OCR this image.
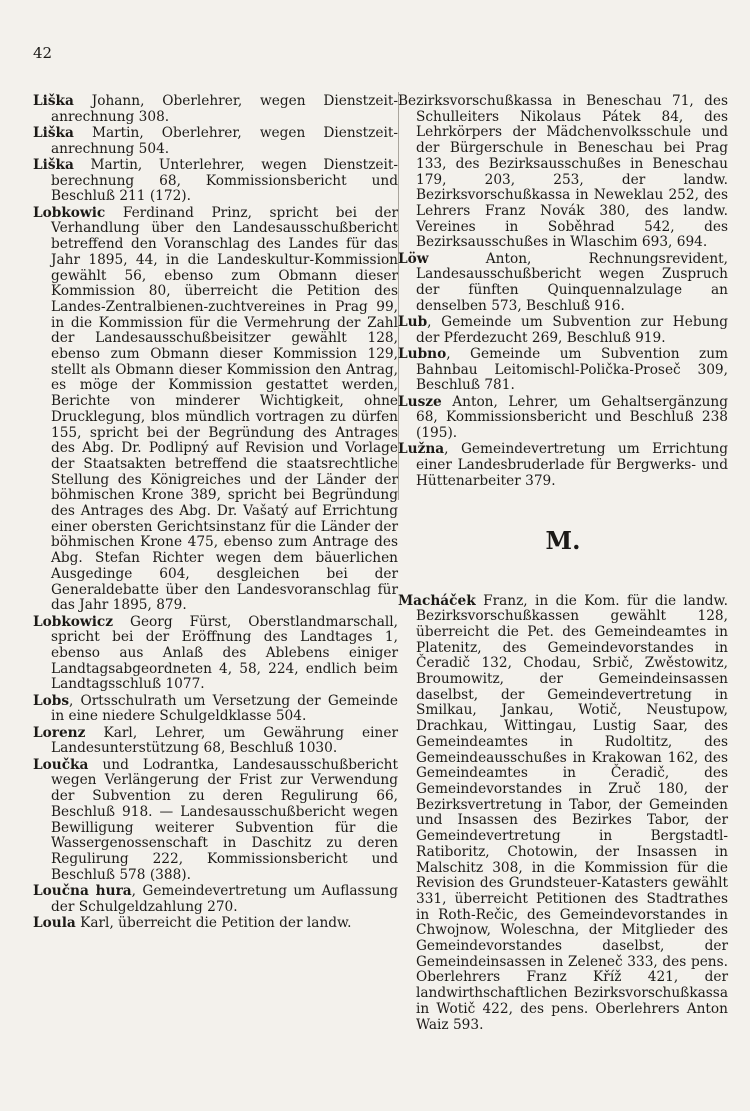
42

Liška Johann, Oberlehrer, wegen Dienstzeit-anrechnung 308.

Liška Martin, Oberlehrer, wegen Dienstzeit-anrechnung 504.

Liška Martin, Unterlehrer, wegen Dienstzeit-berechnung 68, Kommissionsbericht und Beschluß 211 (172).

Lobkowic Ferdinand Prinz, spricht bei der Verhandlung über den Landesausschußbericht betreffend den Voranschlag des Landes für das Jahr 1895, 44, in die Landeskultur-Kommission gewählt 56, ebenso zum Obmann dieser Kommission 80, überreicht die Petition des Landes-Zentralbienen-zuchtvereines in Prag 99, in die Kommission für die Vermehrung der Zahl der Landesausschußbeisitzer gewählt 128, ebenso zum Obmann dieser Kommission 129, stellt als Obmann dieser Kommission den Antrag, es möge der Kommission gestattet werden, Berichte von minderer Wichtigkeit, ohne Drucklegung, blos mündlich vortragen zu dürfen 155, spricht bei der Begründung des Antrages des Abg. Dr. Podlipný auf Revision und Vorlage der Staatsakten betreffend die staatsrechtliche Stellung des Königreiches und der Länder der böhmischen Krone 389, spricht bei Begründung des Antrages des Abg. Dr. Vašatý auf Errichtung einer obersten Gerichtsinstanz für die Länder der böhmischen Krone 475, ebenso zum Antrage des Abg. Stefan Richter wegen dem bäuerlichen Ausgedinge 604, desgleichen bei der Generaldebatte über den Landesvoranschlag für das Jahr 1895, 879.

Lobkowicz Georg Fürst, Oberstlandmarschall, spricht bei der Eröffnung des Landtages 1, ebenso aus Anlaß des Ablebens einiger Landtagsabgeordneten 4, 58, 224, endlich beim Landtagsschluß 1077.

Lobs, Ortsschulrath um Versetzung der Gemeinde in eine niedere Schulgeldklasse 504.

Lorenz Karl, Lehrer, um Gewährung einer Landesunterstützung 68, Beschluß 1030.

Loučka und Lodrantka, Landesausschußbericht wegen Verlängerung der Frist zur Verwendung der Subvention zu deren Regulirung 66, Beschluß 918. — Landesausschußbericht wegen Bewilligung weiterer Subvention für die Wassergenossenschaft in Daschitz zu deren Regulirung 222, Kommissionsbericht und Beschluß 578 (388).

Loučna hura, Gemeindevertretung um Auflassung der Schulgeldzahlung 270.

Loula Karl, überreicht die Petition der landw.

Bezirksvorschußkassa in Beneschau 71, des Schulleiters Nikolaus Pátek 84, des Lehrkörpers der Mädchenvolksschule und der Bürgerschule in Beneschau bei Prag 133, des Bezirksausschußes in Beneschau 179, 203, 253, der landw. Bezirksvorschußkassa in Neweklau 252, des Lehrers Franz Novák 380, des landw. Vereines in Soběhrad 542, des Bezirksausschußes in Wlaschim 693, 694.

Löw Anton, Rechnungsrevident, Landesausschußbericht wegen Zuspruch der fünften Quinquennalzulage an denselben 573, Beschluß 916.

Lub, Gemeinde um Subvention zur Hebung der Pferdezucht 269, Beschluß 919.

Lubno, Gemeinde um Subvention zum Bahnbau Leitomischl-Polička-Proseč 309, Beschluß 781.

Lusze Anton, Lehrer, um Gehaltsergänzung 68, Kommissionsbericht und Beschluß 238 (195).

Lužna, Gemeindevertretung um Errichtung einer Landesbruderlade für Bergwerks- und Hüttenarbeiter 379.

M.

Macháček Franz, in die Kom. für die landw. Bezirksvorschußkassen gewählt 128, überreicht die Pet. des Gemeindeamtes in Platenitz, des Gemeindevorstandes in Čeradič 132, Chodau, Srbič, Zwěstowitz, Broumowitz, der Gemeindeinsassen daselbst, der Gemeindevertretung in Smilkau, Jankau, Wotič, Neustupow, Drachkau, Wittingau, Lustig Saar, des Gemeindeamtes in Rudoltitz, des Gemeindeausschußes in Krakowan 162, des Gemeindeamtes in Čeradič, des Gemeindevorstandes in Zruč 180, der Bezirksvertretung in Tabor, der Gemeinden und Insassen des Bezirkes Tabor, der Gemeindevertretung in Bergstadtl-Ratiboritz, Chotowin, der Insassen in Malschitz 308, in die Kommission für die Revision des Grundsteuer-Katasters gewählt 331, überreicht Petitionen des Stadtrathes in Roth-Rečic, des Gemeindevorstandes in Chwojnow, Woleschna, der Mitglieder des Gemeindevorstandes daselbst, der Gemeindeinsassen in Zeleneč 333, des pens. Oberlehrers Franz Kříž 421, der landwirthschaftlichen Bezirksvorschußkassa in Wotič 422, des pens. Oberlehrers Anton Waiz 593.
